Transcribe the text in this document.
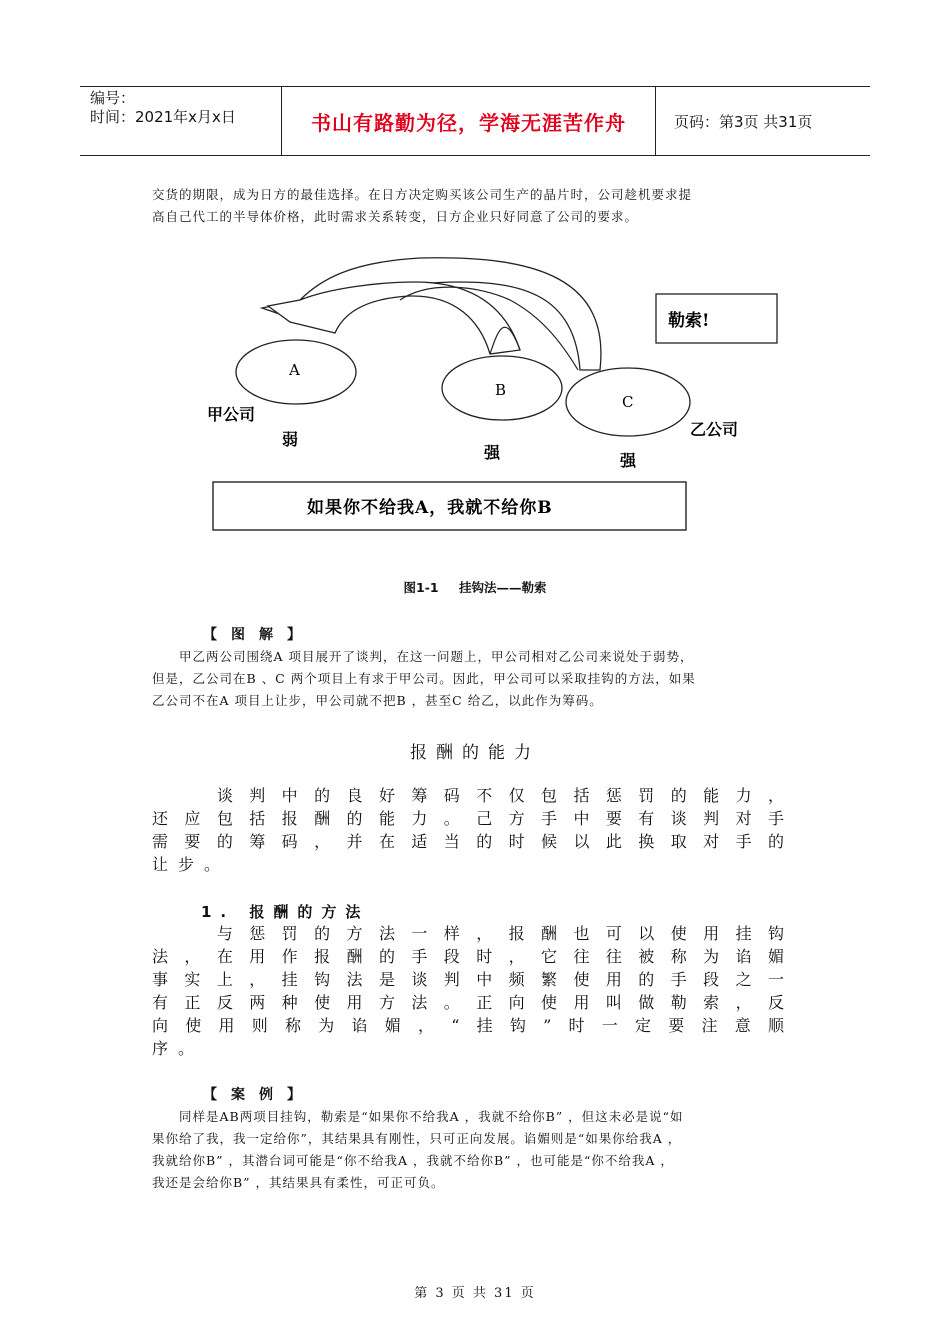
编号：
时间：2021年x月x日	书山有路勤为径，学海无涯苦作舟	页码：第3页 共31页
交货的期限，成为日方的最佳选择。在日方决定购买该公司生产的晶片时，公司趁机要求提
高自己代工的半导体价格，此时需求关系转变，日方企业只好同意了公司的要求。
A
B
C
勒索!
甲公司
乙公司
弱
强	强
如果你不给我A，我就不给你B
图1-1 挂钩法——勒索
【图解】
　　甲乙两公司围绕A 项目展开了谈判，在这一问题上，甲公司相对乙公司来说处于弱势，
但是，乙公司在B 、C 两个项目上有求于甲公司。因此，甲公司可以采取挂钩的方法，如果
乙公司不在A 项目上让步，甲公司就不把B ，甚至C 给乙，以此作为筹码。
报酬的能力
　　谈判中的良好筹码不仅包括惩罚的能力，
还应包括报酬的能力。己方手中要有谈判对手
需要的筹码，并在适当的时候以此换取对手的
让步。
1. 报酬的方法
　　与惩罚的方法一样，报酬也可以使用挂钩
法，在用作报酬的手段时，它往往被称为谄媚
事实上，挂钩法是谈判中频繁使用的手段之一
有正反两种使用方法。正向使用叫做勒索，反
向使用则称为谄媚，“挂钩”时一定要注意顺
序。
【案例】
　　同样是AB两项目挂钩，勒索是“如果你不给我A ，我就不给你B” ，但这未必是说“如
果你给了我，我一定给你”，其结果具有刚性，只可正向发展。谄媚则是“如果你给我A ，
我就给你B” ，其潜台词可能是“你不给我A ，我就不给你B” ，也可能是“你不给我A ，
我还是会给你B” ，其结果具有柔性，可正可负。
第 3 页 共 31 页
